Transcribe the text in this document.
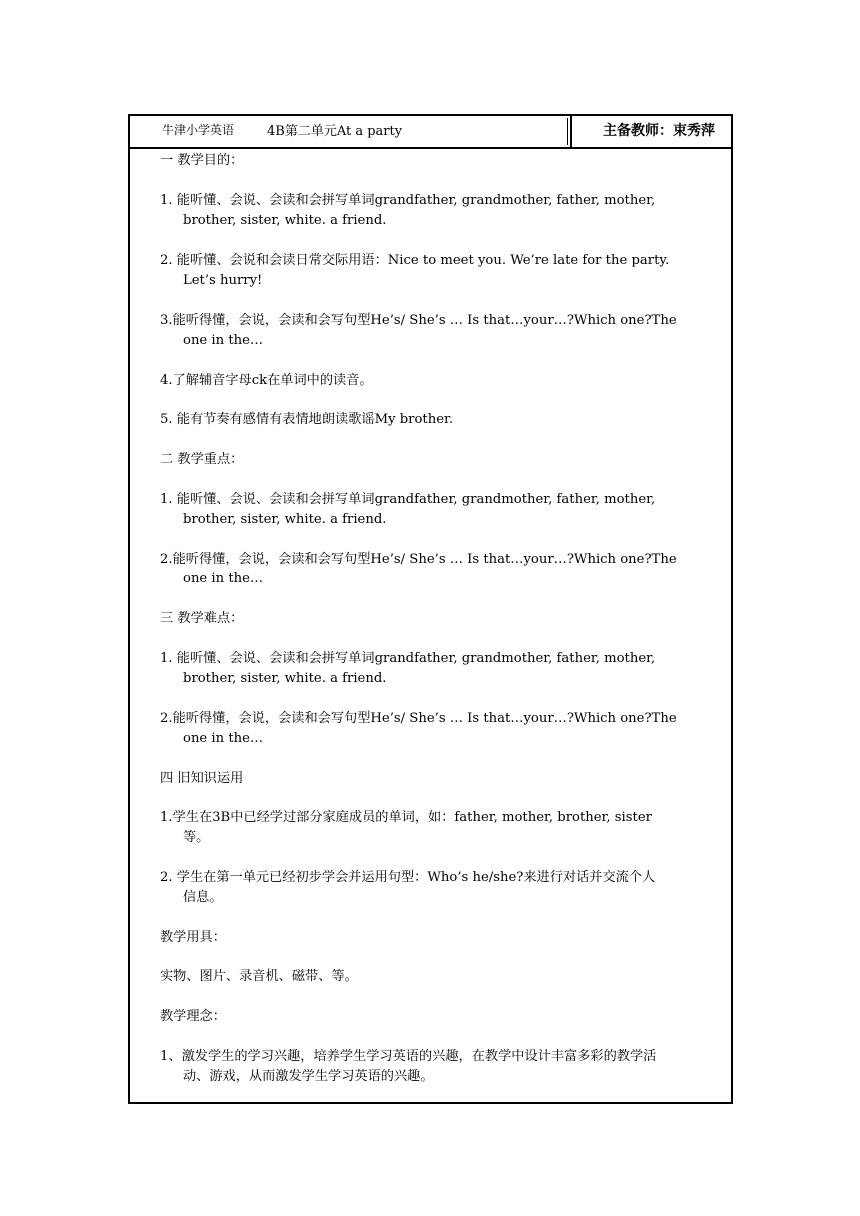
牛津小学英语	4B第二单元At a party	主备教师：束秀萍
一 教学目的：
1. 能听懂、会说、会读和会拼写单词grandfather, grandmother, father, mother,
brother, sister, white. a friend.
2. 能听懂、会说和会读日常交际用语：Nice to meet you. We’re late for the party.
Let’s hurry!
3.能听得懂，会说，会读和会写句型He’s/ She’s … Is that…your…?Which one?The
one in the…
4.了解辅音字母ck在单词中的读音。
5. 能有节奏有感情有表情地朗读歌谣My brother.
二 教学重点：
1. 能听懂、会说、会读和会拼写单词grandfather, grandmother, father, mother,
brother, sister, white. a friend.
2.能听得懂，会说，会读和会写句型He’s/ She’s … Is that…your…?Which one?The
one in the…
三 教学难点：
1. 能听懂、会说、会读和会拼写单词grandfather, grandmother, father, mother,
brother, sister, white. a friend.
2.能听得懂，会说，会读和会写句型He’s/ She’s … Is that…your…?Which one?The
one in the…
四 旧知识运用
1.学生在3B中已经学过部分家庭成员的单词，如：father, mother, brother, sister
等。
2. 学生在第一单元已经初步学会并运用句型：Who’s he/she?来进行对话并交流个人
信息。
教学用具：
实物、图片、录音机、磁带、等。
教学理念：
1、激发学生的学习兴趣，培养学生学习英语的兴趣，在教学中设计丰富多彩的教学活
动、游戏，从而激发学生学习英语的兴趣。
